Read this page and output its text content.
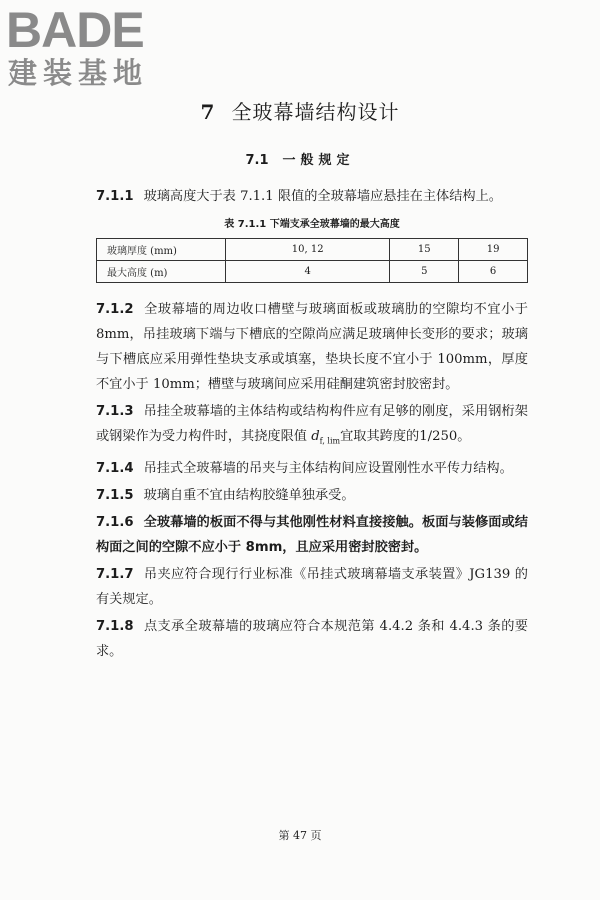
BADE
建装基地
7 全玻幕墙结构设计
7.1 一般规定

7.1.1 玻璃高度大于表 7.1.1 限值的全玻幕墙应悬挂在主体结构上。

表 7.1.1 下端支承全玻幕墙的最大高度
玻璃厚度 (mm)	10, 12	15	19
最大高度 (m)	4	5	6

7.1.2 全玻幕墙的周边收口槽壁与玻璃面板或玻璃肋的空隙均不宜小于 8mm，吊挂玻璃下端与下槽底的空隙尚应满足玻璃伸长变形的要求；玻璃与下槽底应采用弹性垫块支承或填塞，垫块长度不宜小于 100mm，厚度不宜小于 10mm；槽壁与玻璃间应采用硅酮建筑密封胶密封。

7.1.3 吊挂全玻幕墙的主体结构或结构构件应有足够的刚度，采用钢桁架或钢梁作为受力构件时，其挠度限值 $d_{f, lim}$宜取其跨度的1/250。

7.1.4 吊挂式全玻幕墙的吊夹与主体结构间应设置刚性水平传力结构。

7.1.5 玻璃自重不宜由结构胶缝单独承受。

7.1.6 全玻幕墙的板面不得与其他刚性材料直接接触。板面与装修面或结构面之间的空隙不应小于 8mm，且应采用密封胶密封。

7.1.7 吊夹应符合现行行业标准《吊挂式玻璃幕墙支承装置》JG139 的有关规定。

7.1.8 点支承全玻幕墙的玻璃应符合本规范第 4.4.2 条和 4.4.3 条的要求。

第 47 页
